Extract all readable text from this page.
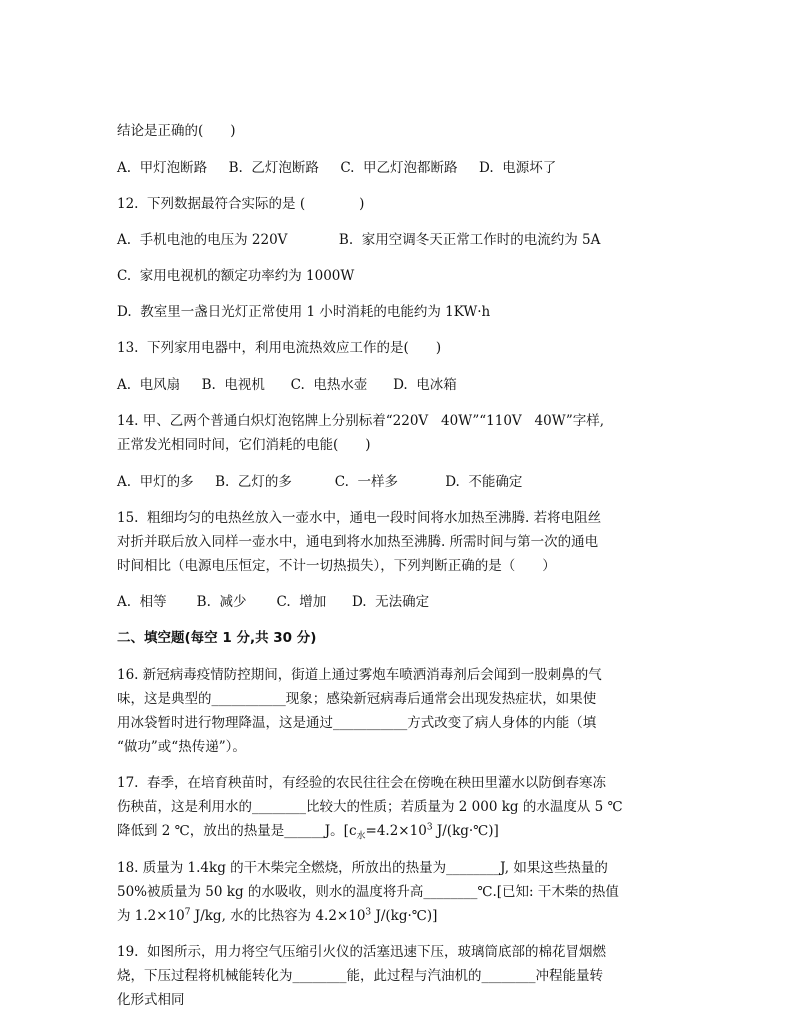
结论是正确的(　　)
A.  甲灯泡断路     B.  乙灯泡断路     C.  甲乙灯泡都断路     D.  电源坏了
12.  下列数据最符合实际的是 (　　　　)
A.  手机电池的电压为 220V            B.  家用空调冬天正常工作时的电流约为 5A
C.  家用电视机的额定功率约为 1000W
D.  教室里一盏日光灯正常使用 1 小时消耗的电能约为 1KW·h
13.  下列家用电器中，利用电流热效应工作的是(　　)
A.  电风扇     B.  电视机      C.  电热水壶      D.  电冰箱
14. 甲、乙两个普通白炽灯泡铭牌上分别标着“220V   40W”“110V   40W”字样,
正常发光相同时间，它们消耗的电能(　　)
A.  甲灯的多     B.  乙灯的多          C.  一样多           D.  不能确定
15.  粗细均匀的电热丝放入一壶水中，通电一段时间将水加热至沸腾. 若将电阻丝
对折并联后放入同样一壶水中，通电到将水加热至沸腾. 所需时间与第一次的通电
时间相比（电源电压恒定，不计一切热损失），下列判断正确的是（　　）
A.  相等       B.  减少       C.  增加      D.  无法确定
二、填空题(每空 1 分,共 30 分)
16. 新冠病毒疫情防控期间，街道上通过雾炮车喷洒消毒剂后会闻到一股刺鼻的气
味，这是典型的___________现象；感染新冠病毒后通常会出现发热症状，如果使
用冰袋暂时进行物理降温，这是通过___________方式改变了病人身体的内能（填
“做功”或“热传递”）。
17.  春季，在培育秧苗时，有经验的农民往往会在傍晚在秧田里灌水以防倒春寒冻
伤秧苗，这是利用水的________比较大的性质；若质量为 2 000 kg 的水温度从 5 ℃
降低到 2 ℃，放出的热量是______J。[$c_水=4.2\times 10^3$ J/(kg·℃)]
18. 质量为 1.4kg 的干木柴完全燃烧，所放出的热量为________J, 如果这些热量的
50%被质量为 50 kg 的水吸收，则水的温度将升高________℃.[已知: 干木柴的热值
为 $1.2\times 10^7$ J/kg, 水的比热容为 $4.2\times 10^3$ J/(kg·℃)]
19.  如图所示，用力将空气压缩引火仪的活塞迅速下压，玻璃筒底部的棉花冒烟燃
烧，下压过程将机械能转化为________能，此过程与汽油机的________冲程能量转
化形式相同
